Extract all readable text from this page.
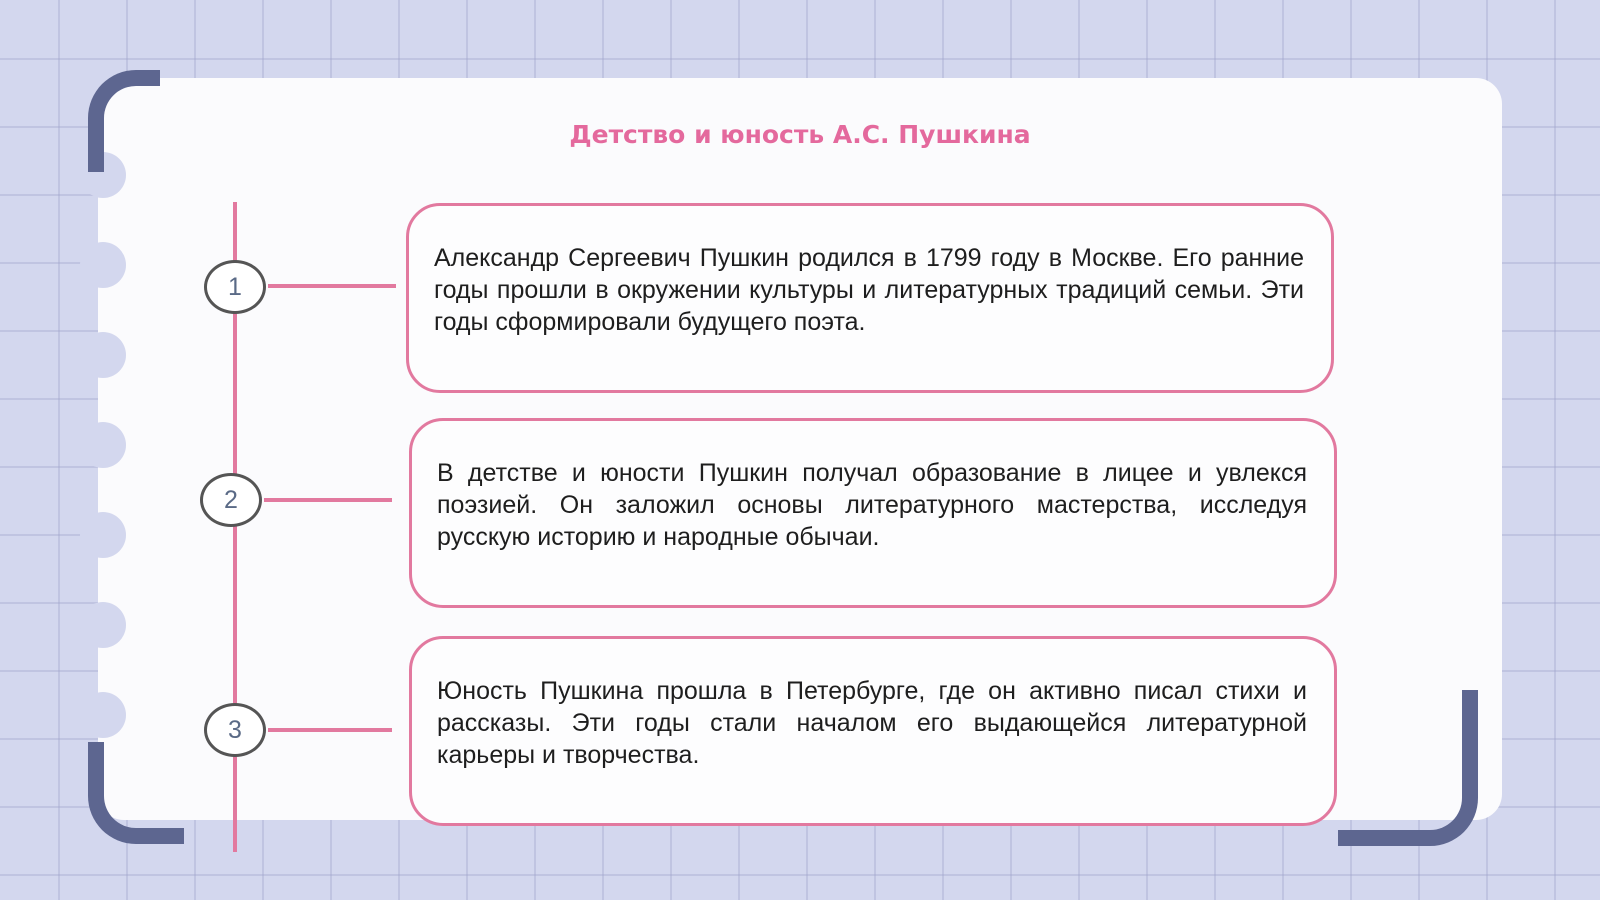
Детство и юность А.С. Пушкина
1
2
3

Александр Сергеевич Пушкин родился в 1799 году в Москве. Его ранние годы прошли в окружении культуры и литературных традиций семьи. Эти годы сформировали будущего поэта.

В детстве и юности Пушкин получал образование в лицее и увлекся поэзией. Он заложил основы литературного мастерства, исследуя русскую историю и народные обычаи.

Юность Пушкина прошла в Петербурге, где он активно писал стихи и рассказы. Эти годы стали началом его выдающейся литературной карьеры и творчества.
